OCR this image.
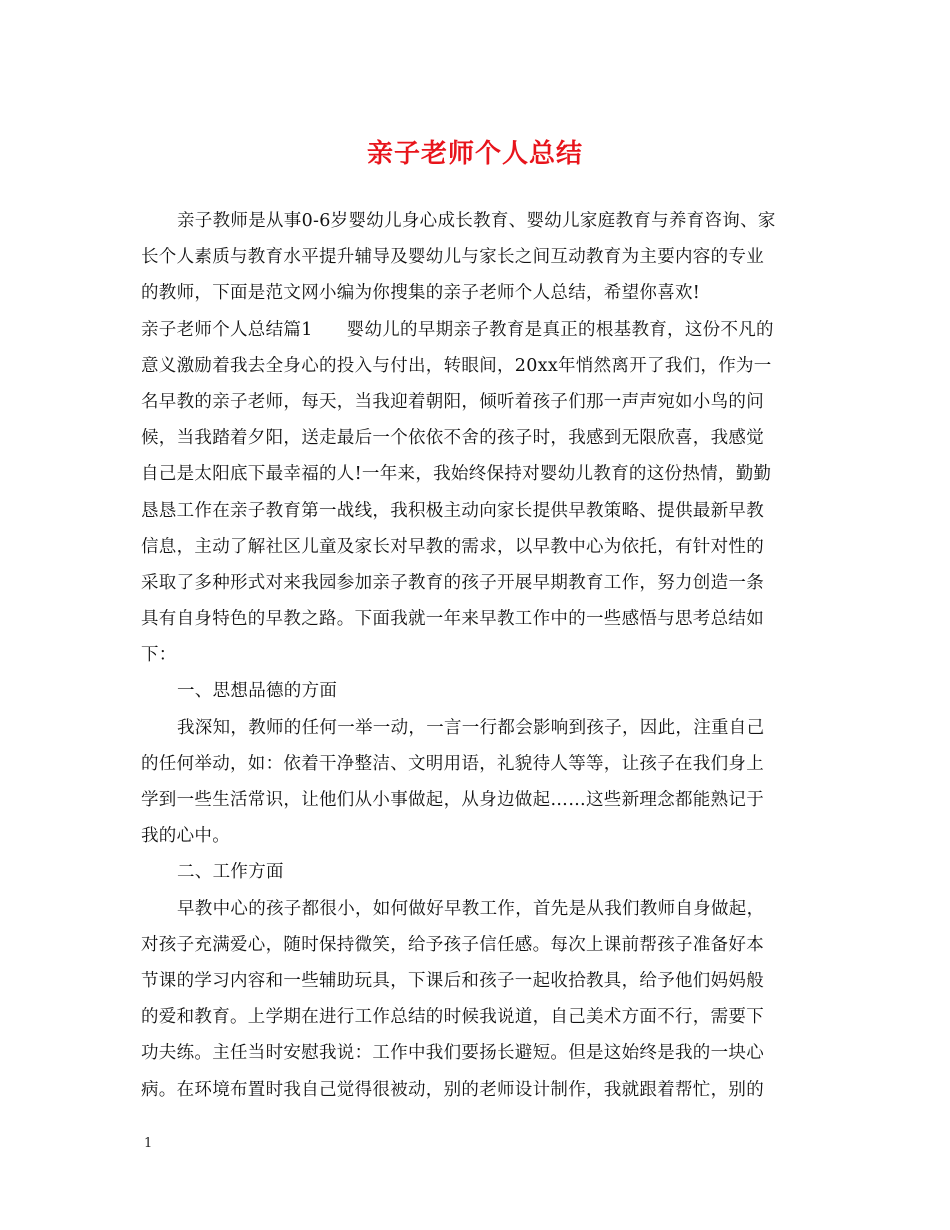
亲子老师个人总结
亲子教师是从事0-6岁婴幼儿身心成长教育、婴幼儿家庭教育与养育咨询、家
长个人素质与教育水平提升辅导及婴幼儿与家长之间互动教育为主要内容的专业
的教师，下面是范文网小编为你搜集的亲子老师个人总结，希望你喜欢!
亲子老师个人总结篇1 婴幼儿的早期亲子教育是真正的根基教育，这份不凡的
意义激励着我去全身心的投入与付出，转眼间，20xx年悄然离开了我们，作为一
名早教的亲子老师，每天，当我迎着朝阳，倾听着孩子们那一声声宛如小鸟的问
候，当我踏着夕阳，送走最后一个依依不舍的孩子时，我感到无限欣喜，我感觉
自己是太阳底下最幸福的人!一年来，我始终保持对婴幼儿教育的这份热情，勤勤
恳恳工作在亲子教育第一战线，我积极主动向家长提供早教策略、提供最新早教
信息，主动了解社区儿童及家长对早教的需求，以早教中心为依托，有针对性的
采取了多种形式对来我园参加亲子教育的孩子开展早期教育工作，努力创造一条
具有自身特色的早教之路。下面我就一年来早教工作中的一些感悟与思考总结如
下：
一、思想品德的方面
我深知，教师的任何一举一动，一言一行都会影响到孩子，因此，注重自己
的任何举动，如：依着干净整洁、文明用语，礼貌待人等等，让孩子在我们身上
学到一些生活常识，让他们从小事做起，从身边做起……这些新理念都能熟记于
我的心中。
二、工作方面
早教中心的孩子都很小，如何做好早教工作，首先是从我们教师自身做起，
对孩子充满爱心，随时保持微笑，给予孩子信任感。每次上课前帮孩子准备好本
节课的学习内容和一些辅助玩具，下课后和孩子一起收拾教具，给予他们妈妈般
的爱和教育。上学期在进行工作总结的时候我说道，自己美术方面不行，需要下
功夫练。主任当时安慰我说：工作中我们要扬长避短。但是这始终是我的一块心
病。在环境布置时我自己觉得很被动，别的老师设计制作，我就跟着帮忙，别的
1
